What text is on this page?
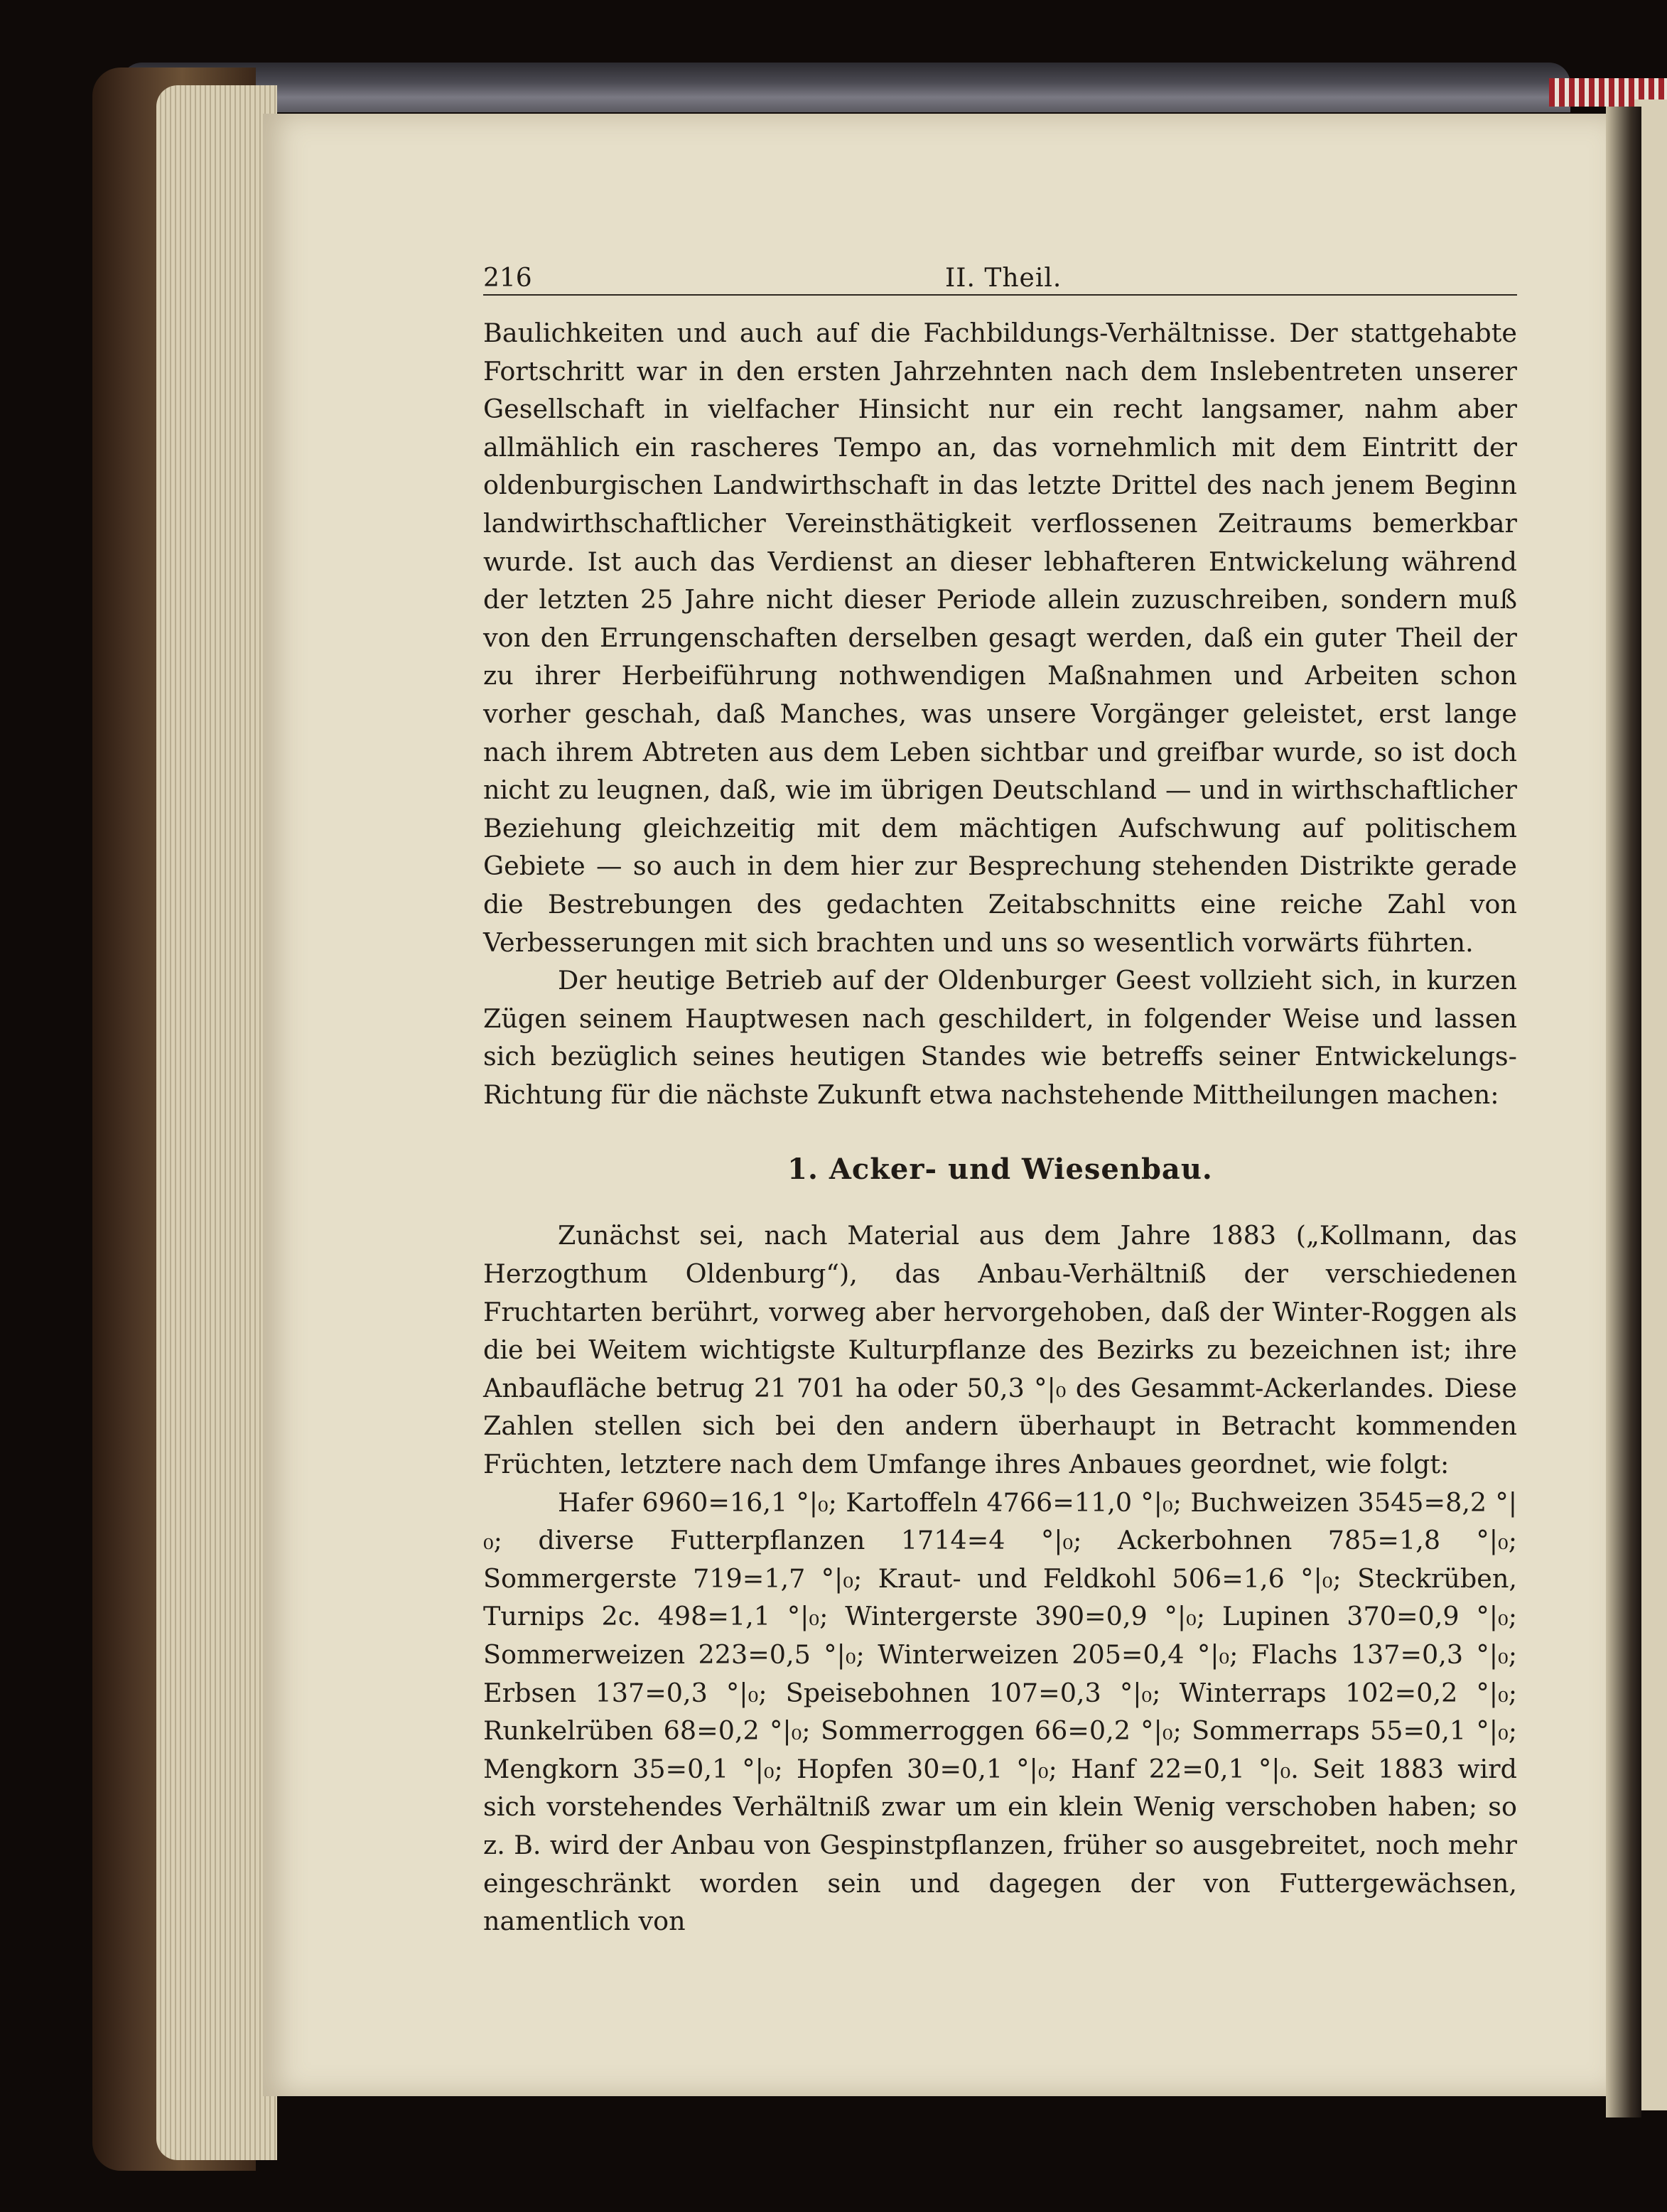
216	II. Theil.

Baulichkeiten und auch auf die Fachbildungs-Verhältnisse. Der stattgehabte Fortschritt war in den ersten Jahrzehnten nach dem Inslebentreten unserer Gesellschaft in vielfacher Hinsicht nur ein recht langsamer, nahm aber allmählich ein rascheres Tempo an, das vornehmlich mit dem Eintritt der oldenburgischen Landwirthschaft in das letzte Drittel des nach jenem Beginn landwirthschaftlicher Vereinsthätigkeit verflossenen Zeitraums bemerkbar wurde. Ist auch das Verdienst an dieser lebhafteren Entwickelung während der letzten 25 Jahre nicht dieser Periode allein zuzuschreiben, sondern muß von den Errungenschaften derselben gesagt werden, daß ein guter Theil der zu ihrer Herbeiführung nothwendigen Maßnahmen und Arbeiten schon vorher geschah, daß Manches, was unsere Vorgänger geleistet, erst lange nach ihrem Abtreten aus dem Leben sichtbar und greifbar wurde, so ist doch nicht zu leugnen, daß, wie im übrigen Deutschland — und in wirthschaftlicher Beziehung gleichzeitig mit dem mächtigen Aufschwung auf politischem Gebiete — so auch in dem hier zur Besprechung stehenden Distrikte gerade die Bestrebungen des gedachten Zeitabschnitts eine reiche Zahl von Verbesserungen mit sich brachten und uns so wesentlich vorwärts führten.

Der heutige Betrieb auf der Oldenburger Geest vollzieht sich, in kurzen Zügen seinem Hauptwesen nach geschildert, in folgender Weise und lassen sich bezüglich seines heutigen Standes wie betreffs seiner Entwickelungs-Richtung für die nächste Zukunft etwa nachstehende Mittheilungen machen:

1. Acker- und Wiesenbau.

Zunächst sei, nach Material aus dem Jahre 1883 („Kollmann, das Herzogthum Oldenburg“), das Anbau-Verhältniß der verschiedenen Fruchtarten berührt, vorweg aber hervorgehoben, daß der Winter-Roggen als die bei Weitem wichtigste Kulturpflanze des Bezirks zu bezeichnen ist; ihre Anbaufläche betrug 21 701 ha oder 50,3 °|₀ des Gesammt-Ackerlandes. Diese Zahlen stellen sich bei den andern überhaupt in Betracht kommenden Früchten, letztere nach dem Umfange ihres Anbaues geordnet, wie folgt:

Hafer 6960=16,1 °|₀; Kartoffeln 4766=11,0 °|₀; Buchweizen 3545=8,2 °|₀; diverse Futterpflanzen 1714=4 °|₀; Ackerbohnen 785=1,8 °|₀; Sommergerste 719=1,7 °|₀; Kraut- und Feldkohl 506=1,6 °|₀; Steckrüben, Turnips 2c. 498=1,1 °|₀; Wintergerste 390=0,9 °|₀; Lupinen 370=0,9 °|₀; Sommerweizen 223=0,5 °|₀; Winterweizen 205=0,4 °|₀; Flachs 137=0,3 °|₀; Erbsen 137=0,3 °|₀; Speisebohnen 107=0,3 °|₀; Winterraps 102=0,2 °|₀; Runkelrüben 68=0,2 °|₀; Sommerroggen 66=0,2 °|₀; Sommerraps 55=0,1 °|₀; Mengkorn 35=0,1 °|₀; Hopfen 30=0,1 °|₀; Hanf 22=0,1 °|₀. Seit 1883 wird sich vorstehendes Verhältniß zwar um ein klein Wenig verschoben haben; so z. B. wird der Anbau von Gespinstpflanzen, früher so ausgebreitet, noch mehr eingeschränkt worden sein und dagegen der von Futtergewächsen, namentlich von
